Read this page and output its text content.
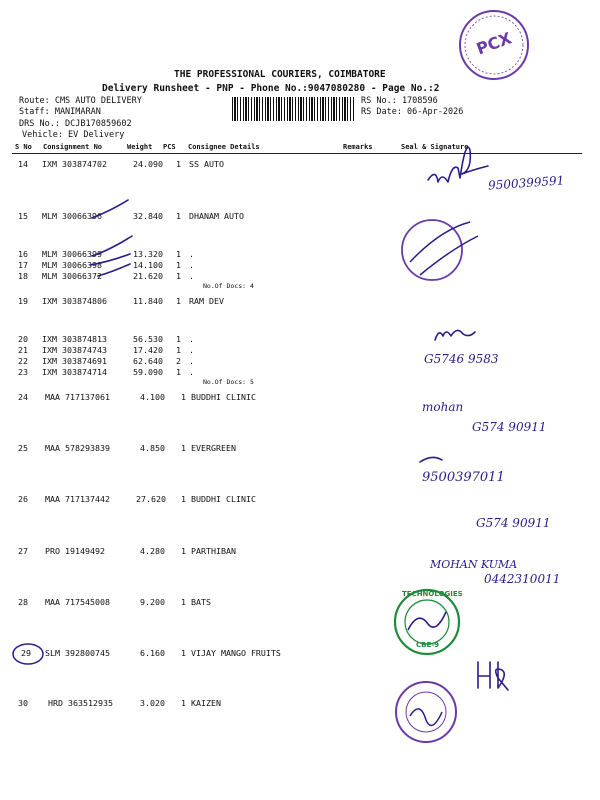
THE PROFESSIONAL COURIERS, COIMBATORE
Delivery Runsheet - PNP - Phone No.:9047080280 - Page No.:2
Route: CMS AUTO DELIVERY
Staff: MANIMARAN
DRS No.: DCJB170859602
Vehicle: EV Delivery
RS No.: 1708596
RS Date: 06-Apr-2026
S No Consignment No	Weight PCS Consignee Details	Remarks	Seal & Signature
14 IXM 303874702	24.090 1 SS AUTO
15 MLM 30066396	32.840 1 DHANAM AUTO
16 MLM 30066399	13.320 1 .
17 MLM 30066398	14.100 1 .
18 MLM 30066372	21.620 1 .
No.Of Docs: 4
19 IXM 303874806	11.840 1 RAM DEV
20 IXM 303874813	56.530 1 .
21 IXM 303874743	17.420 1 .
22 IXM 303874691	62.640 2 .
23 IXM 303874714	59.090 1 .
No.Of Docs: 5
24 MAA 717137061	4.100 1 BUDDHI CLINIC
25 MAA 578293839	4.850 1 EVERGREEN
26 MAA 717137442	27.620 1 BUDDHI CLINIC
27 PRO 19149492	4.280 1 PARTHIBAN
28 MAA 717545008	9.200 1 BATS
29 SLM 392800745	6.160 1 VIJAY MANGO FRUITS
30 HRD 363512935	3.020 1 KAIZEN
PCX
TECHNOLOGIES
CBE-9
9500399591
G5746 9583
mohan
G574 90911
9500397011
G574 90911
MOHAN KUMA
0442310011
